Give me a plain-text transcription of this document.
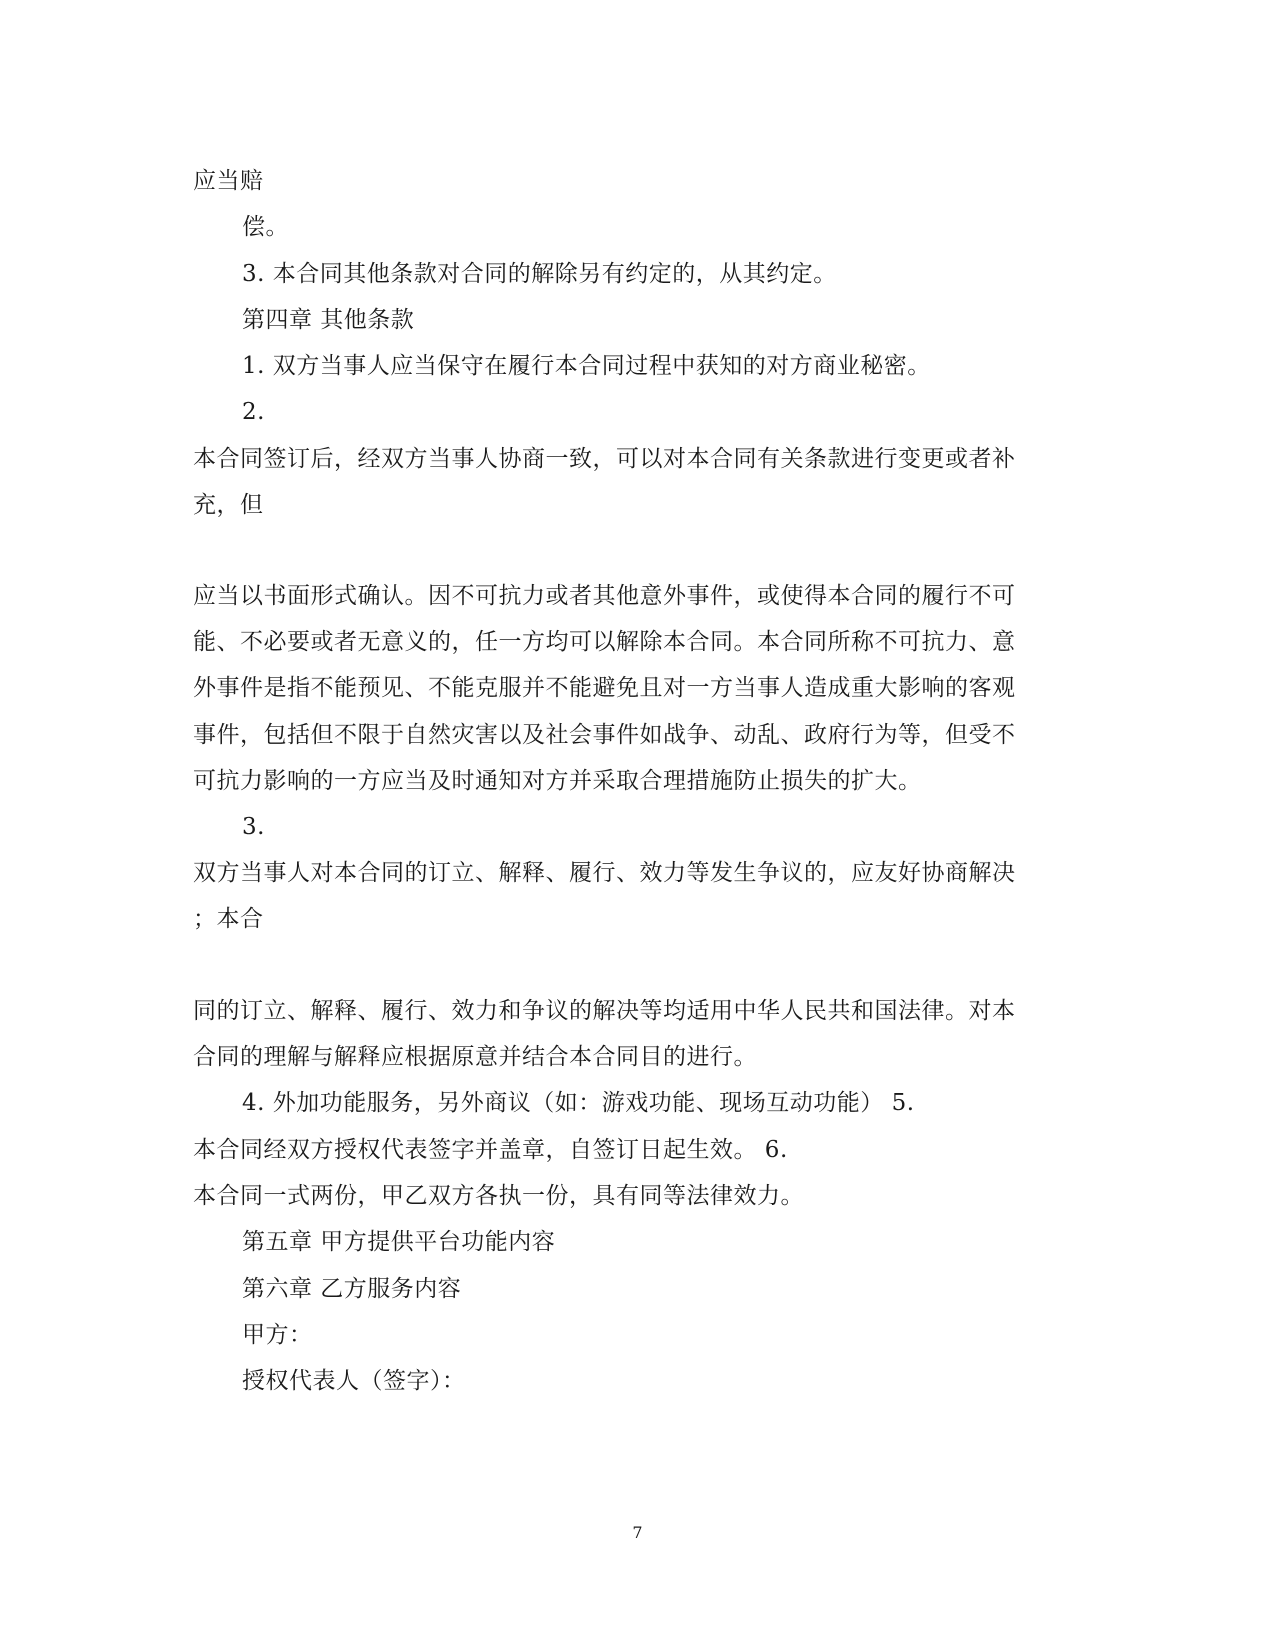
应当赔
偿。
3. 本合同其他条款对合同的解除另有约定的，从其约定。
第四章 其他条款
1. 双方当事人应当保守在履行本合同过程中获知的对方商业秘密。
2.
本合同签订后，经双方当事人协商一致，可以对本合同有关条款进行变更或者补
充，但
应当以书面形式确认。因不可抗力或者其他意外事件，或使得本合同的履行不可
能、不必要或者无意义的，任一方均可以解除本合同。本合同所称不可抗力、意
外事件是指不能预见、不能克服并不能避免且对一方当事人造成重大影响的客观
事件，包括但不限于自然灾害以及社会事件如战争、动乱、政府行为等，但受不
可抗力影响的一方应当及时通知对方并采取合理措施防止损失的扩大。
3.
双方当事人对本合同的订立、解释、履行、效力等发生争议的，应友好协商解决
；本合
同的订立、解释、履行、效力和争议的解决等均适用中华人民共和国法律。对本
合同的理解与解释应根据原意并结合本合同目的进行。
4. 外加功能服务，另外商议（如：游戏功能、现场互动功能） 5.
本合同经双方授权代表签字并盖章，自签订日起生效。 6.
本合同一式两份，甲乙双方各执一份，具有同等法律效力。
第五章 甲方提供平台功能内容
第六章 乙方服务内容
甲方：
授权代表人（签字）：
7
